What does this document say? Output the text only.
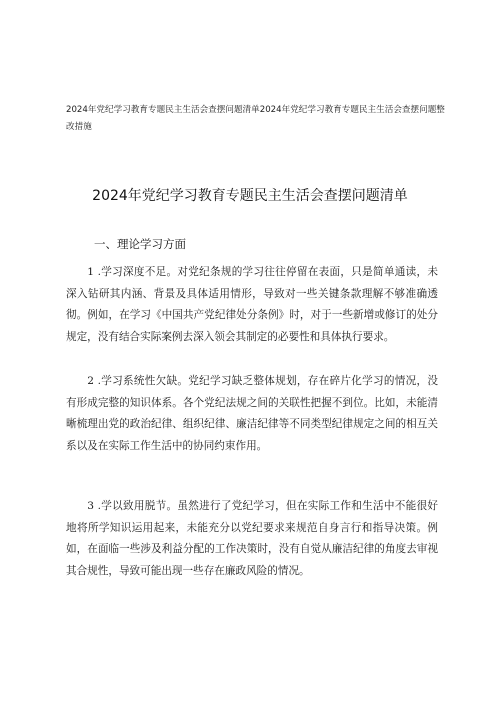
2024年党纪学习教育专题民主生活会查摆问题清单2024年党纪学习教育专题民主生活会查摆问题整改措施
2024年党纪学习教育专题民主生活会查摆问题清单
一、理论学习方面

1 .学习深度不足。对党纪条规的学习往往停留在表面，只是简单通读，未深入钻研其内涵、背景及具体适用情形，导致对一些关键条款理解不够准确透彻。例如，在学习《中国共产党纪律处分条例》时，对于一些新增或修订的处分规定，没有结合实际案例去深入领会其制定的必要性和具体执行要求。

2 .学习系统性欠缺。党纪学习缺乏整体规划，存在碎片化学习的情况，没有形成完整的知识体系。各个党纪法规之间的关联性把握不到位。比如，未能清晰梳理出党的政治纪律、组织纪律、廉洁纪律等不同类型纪律规定之间的相互关系以及在实际工作生活中的协同约束作用。

3 .学以致用脱节。虽然进行了党纪学习，但在实际工作和生活中不能很好地将所学知识运用起来，未能充分以党纪要求来规范自身言行和指导决策。例如，在面临一些涉及利益分配的工作决策时，没有自觉从廉洁纪律的角度去审视其合规性，导致可能出现一些存在廉政风险的情况。
